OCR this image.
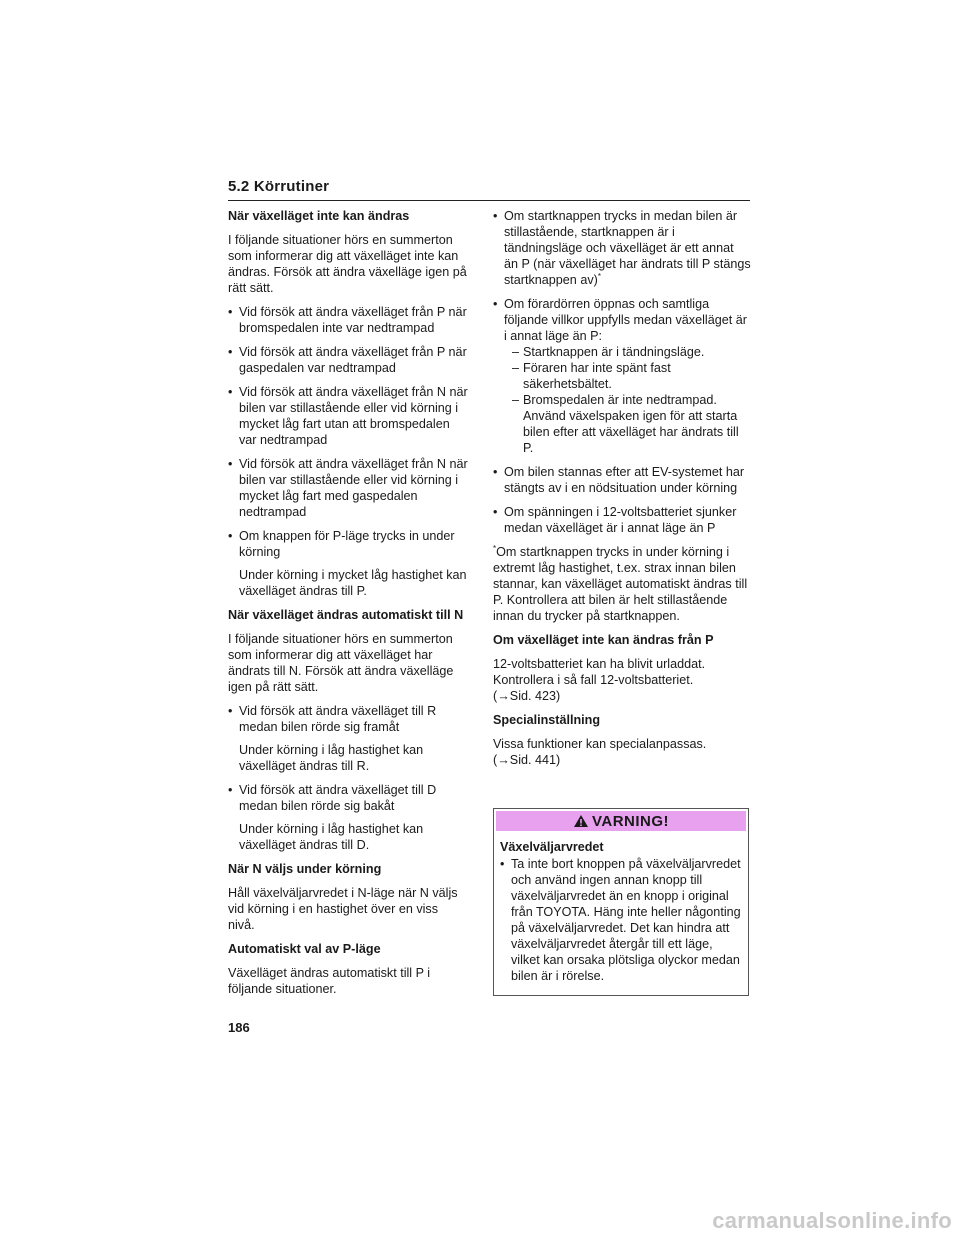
5.2 Körrutiner
När växelläget inte kan ändras
I följande situationer hörs en summerton som informerar dig att växelläget inte kan ändras. Försök att ändra växelläge igen på rätt sätt.
• Vid försök att ändra växelläget från P när bromspedalen inte var nedtrampad
• Vid försök att ändra växelläget från P när gaspedalen var nedtrampad
• Vid försök att ändra växelläget från N när bilen var stillastående eller vid körning i mycket låg fart utan att bromspedalen var nedtrampad
• Vid försök att ändra växelläget från N när bilen var stillastående eller vid körning i mycket låg fart med gaspedalen nedtrampad
• Om knappen för P-läge trycks in under körning
Under körning i mycket låg hastighet kan växelläget ändras till P.
När växelläget ändras automatiskt till N
I följande situationer hörs en summerton som informerar dig att växelläget har ändrats till N. Försök att ändra växelläge igen på rätt sätt.
• Vid försök att ändra växelläget till R medan bilen rörde sig framåt
Under körning i låg hastighet kan växelläget ändras till R.
• Vid försök att ändra växelläget till D medan bilen rörde sig bakåt
Under körning i låg hastighet kan växelläget ändras till D.
När N väljs under körning
Håll växelväljarvredet i N-läge när N väljs vid körning i en hastighet över en viss nivå.
Automatiskt val av P-läge
Växelläget ändras automatiskt till P i följande situationer.
• Om startknappen trycks in medan bilen är stillastående, startknappen är i tändningsläge och växelläget är ett annat än P (när växelläget har ändrats till P stängs startknappen av)*
• Om förardörren öppnas och samtliga följande villkor uppfylls medan växelläget är i annat läge än P:
– Startknappen är i tändningsläge.
– Föraren har inte spänt fast säkerhetsbältet.
– Bromspedalen är inte nedtrampad. Använd växelspaken igen för att starta bilen efter att växelläget har ändrats till P.
• Om bilen stannas efter att EV-systemet har stängts av i en nödsituation under körning
• Om spänningen i 12-voltsbatteriet sjunker medan växelläget är i annat läge än P
*Om startknappen trycks in under körning i extremt låg hastighet, t.ex. strax innan bilen stannar, kan växelläget automatiskt ändras till P. Kontrollera att bilen är helt stillastående innan du trycker på startknappen.
Om växelläget inte kan ändras från P
12-voltsbatteriet kan ha blivit urladdat. Kontrollera i så fall 12-voltsbatteriet.
(→Sid. 423)
Specialinställning
Vissa funktioner kan specialanpassas.
(→Sid. 441)
VARNING!
Växelväljarvredet
• Ta inte bort knoppen på växelväljarvredet och använd ingen annan knopp till växelväljarvredet än en knopp i original från TOYOTA. Häng inte heller någonting på växelväljarvredet. Det kan hindra att växelväljarvredet återgår till ett läge, vilket kan orsaka plötsliga olyckor medan bilen är i rörelse.
186
carmanualsonline.info
